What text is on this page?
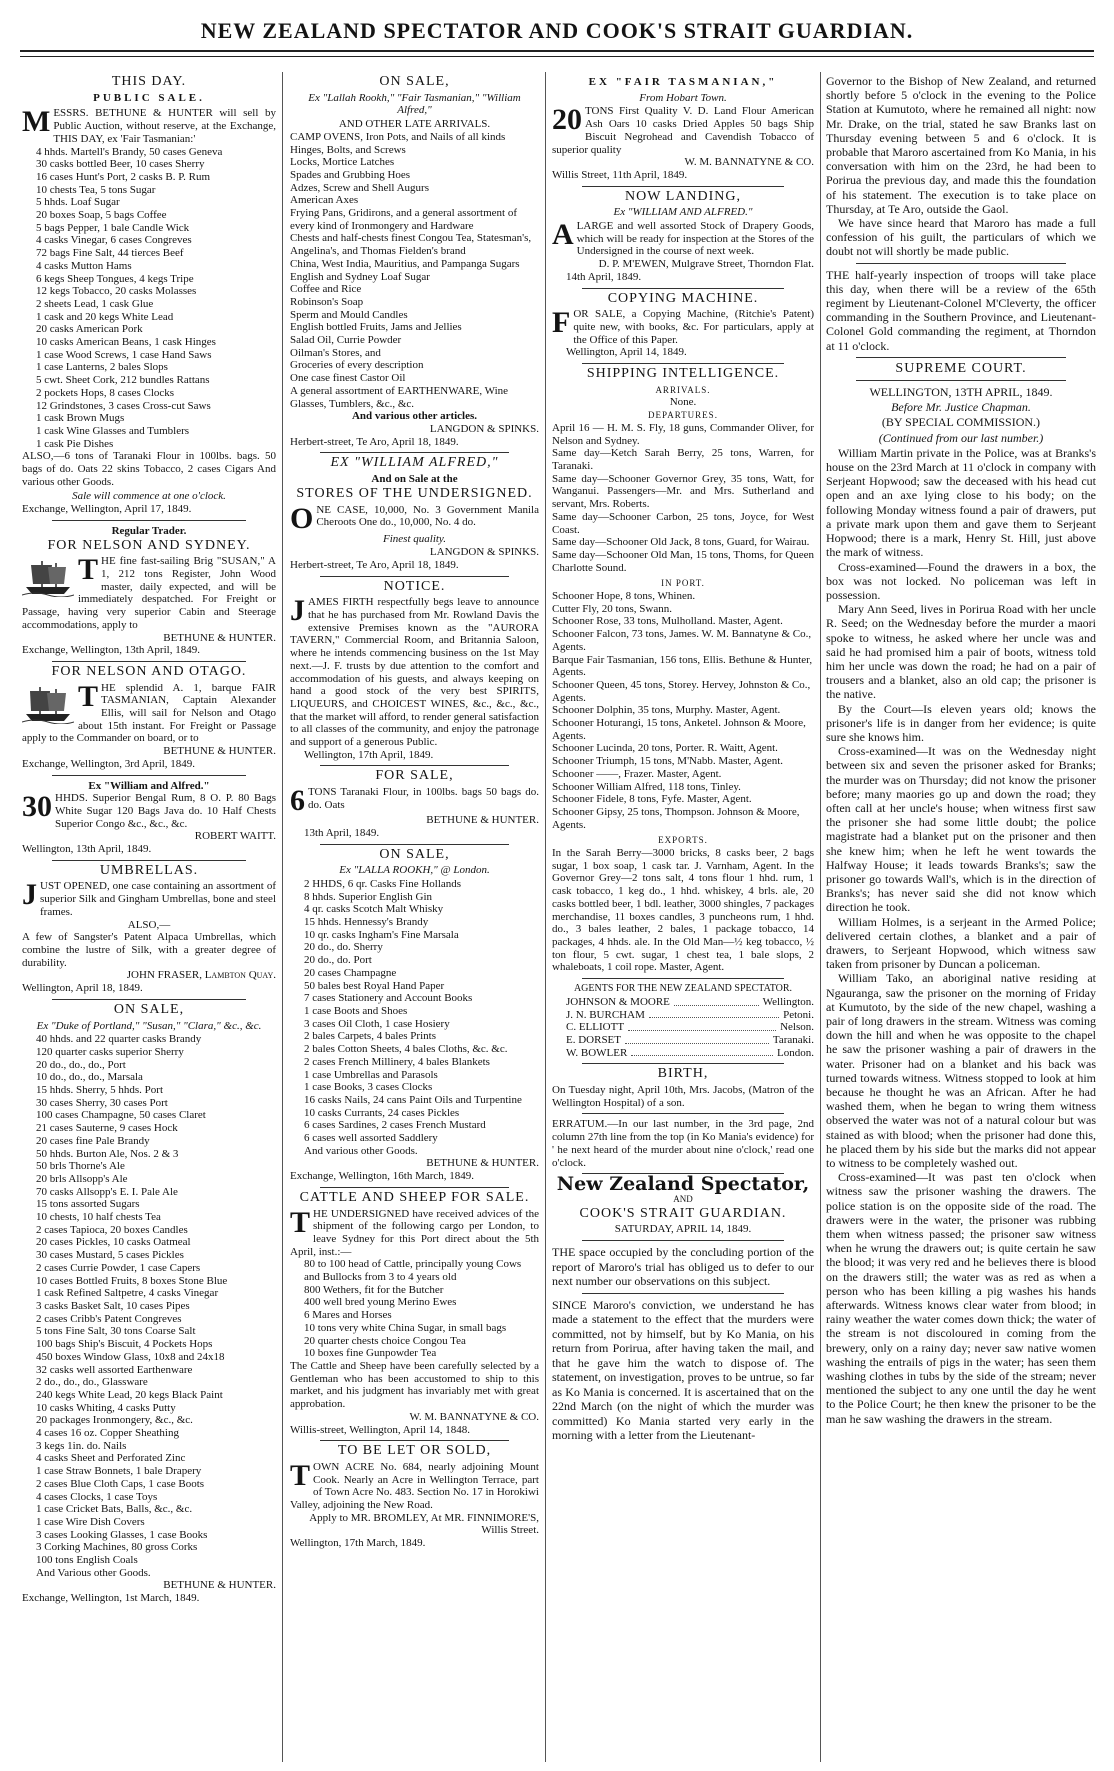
NEW ZEALAND SPECTATOR AND COOK'S STRAIT GUARDIAN.
THIS DAY.
PUBLIC SALE.

MESSRS. BETHUNE & HUNTER will sell by Public Auction, without reserve, at the Exchange, THIS DAY, ex 'Fair Tasmanian:'

4 hhds. Martell's Brandy, 50 cases Geneva
30 casks bottled Beer, 10 cases Sherry
16 cases Hunt's Port, 2 casks B. P. Rum
10 chests Tea, 5 tons Sugar
5 hhds. Loaf Sugar
20 boxes Soap, 5 bags Coffee
5 bags Pepper, 1 bale Candle Wick
4 casks Vinegar, 6 cases Congreves
72 bags Fine Salt, 44 tierces Beef
4 casks Mutton Hams
6 kegs Sheep Tongues, 4 kegs Tripe
12 kegs Tobacco, 20 casks Molasses
2 sheets Lead, 1 cask Glue
1 cask and 20 kegs White Lead
20 casks American Pork
10 casks American Beans, 1 cask Hinges
1 case Wood Screws, 1 case Hand Saws
1 case Lanterns, 2 bales Slops
5 cwt. Sheet Cork, 212 bundles Rattans
2 pockets Hops, 8 cases Clocks
12 Grindstones, 3 cases Cross-cut Saws
1 cask Brown Mugs
1 cask Wine Glasses and Tumblers
1 cask Pie Dishes

ALSO,—6 tons of Taranaki Flour in 100lbs. bags. 50 bags of do. Oats 22 skins Tobacco, 2 cases Cigars And various other Goods.

Sale will commence at one o'clock.
Exchange, Wellington, April 17, 1849.
Regular Trader.
FOR NELSON AND SYDNEY.

THE fine fast-sailing Brig "SUSAN," A 1, 212 tons Register, John Wood master, daily expected, and will be immediately despatched. For Freight or Passage, having very superior Cabin and Steerage accommodations, apply to

BETHUNE & HUNTER.
Exchange, Wellington, 13th April, 1849.
FOR NELSON AND OTAGO.

THE splendid A. 1, barque FAIR TASMANIAN, Captain Alexander Ellis, will sail for Nelson and Otago about 15th instant. For Freight or Passage apply to the Commander on board, or to

BETHUNE & HUNTER.
Exchange, Wellington, 3rd April, 1849.
Ex "William and Alfred."

30 HHDS. Superior Bengal Rum, 8 O. P. 80 Bags White Sugar 120 Bags Java do. 10 Half Chests Superior Congo &c., &c., &c.

ROBERT WAITT.
Wellington, 13th April, 1849.
UMBRELLAS.

JUST OPENED, one case containing an assortment of superior Silk and Gingham Umbrellas, bone and steel frames.

ALSO,—

A few of Sangster's Patent Alpaca Umbrellas, which combine the lustre of Silk, with a greater degree of durability.

JOHN FRASER, Lambton Quay.
Wellington, April 18, 1849.
ON SALE,
Ex "Duke of Portland," "Susan," "Clara," &c., &c.
40 hhds. and 22 quarter casks Brandy
120 quarter casks superior Sherry
20 do., do., do., Port
10 do., do., do., Marsala
15 hhds. Sherry, 5 hhds. Port
30 cases Sherry, 30 cases Port
100 cases Champagne, 50 cases Claret
21 cases Sauterne, 9 cases Hock
20 cases fine Pale Brandy
50 hhds. Burton Ale, Nos. 2 & 3
50 brls Thorne's Ale
20 brls Allsopp's Ale
70 casks Allsopp's E. I. Pale Ale
15 tons assorted Sugars
10 chests, 10 half chests Tea
2 cases Tapioca, 20 boxes Candles
20 cases Pickles, 10 casks Oatmeal
30 cases Mustard, 5 cases Pickles
2 cases Currie Powder, 1 case Capers
10 cases Bottled Fruits, 8 boxes Stone Blue
1 cask Refined Saltpetre, 4 casks Vinegar
3 casks Basket Salt, 10 cases Pipes
2 cases Cribb's Patent Congreves
5 tons Fine Salt, 30 tons Coarse Salt
100 bags Ship's Biscuit, 4 Pockets Hops
450 boxes Window Glass, 10x8 and 24x18
32 casks well assorted Earthenware
2 do., do., do., Glassware
240 kegs White Lead, 20 kegs Black Paint
10 casks Whiting, 4 casks Putty
20 packages Ironmongery, &c., &c.
4 cases 16 oz. Copper Sheathing
3 kegs 1in. do. Nails
4 casks Sheet and Perforated Zinc
1 case Straw Bonnets, 1 bale Drapery
2 cases Blue Cloth Caps, 1 case Boots
4 cases Clocks, 1 case Toys
1 case Cricket Bats, Balls, &c., &c.
1 case Wire Dish Covers
3 cases Looking Glasses, 1 case Books
3 Corking Machines, 80 gross Corks
100 tons English Coals
And Various other Goods.
BETHUNE & HUNTER.
Exchange, Wellington, 1st March, 1849.
ON SALE,
Ex "Lallah Rookh," "Fair Tasmanian," "William Alfred,"
AND OTHER LATE ARRIVALS.
CAMP OVENS, Iron Pots, and Nails of all kinds
Hinges, Bolts, and Screws
Locks, Mortice Latches
Spades and Grubbing Hoes
Adzes, Screw and Shell Augurs
American Axes
Frying Pans, Gridirons, and a general assortment of every kind of Ironmongery and Hardware
Chests and half-chests finest Congou Tea, Statesman's, Angelina's, and Thomas Fielden's brand
China, West India, Mauritius, and Pampanga Sugars
English and Sydney Loaf Sugar
Coffee and Rice
Robinson's Soap
Sperm and Mould Candles
English bottled Fruits, Jams and Jellies
Salad Oil, Currie Powder
Oilman's Stores, and
Groceries of every description
One case finest Castor Oil
A general assortment of EARTHENWARE, Wine Glasses, Tumblers, &c., &c.
And various other articles.
LANGDON & SPINKS.
Herbert-street, Te Aro, April 18, 1849.
EX "WILLIAM ALFRED,"
And on Sale at the
STORES OF THE UNDERSIGNED.

ONE CASE, 10,000, No. 3 Government Manila Cheroots One do., 10,000, No. 4 do.

Finest quality.
LANGDON & SPINKS.
Herbert-street, Te Aro, April 18, 1849.
NOTICE.

JAMES FIRTH respectfully begs leave to announce that he has purchased from Mr. Rowland Davis the extensive Premises known as the "AURORA TAVERN," Commercial Room, and Britannia Saloon, where he intends commencing business on the 1st May next.—J. F. trusts by due attention to the comfort and accommodation of his guests, and always keeping on hand a good stock of the very best SPIRITS, LIQUEURS, and CHOICEST WINES, &c., &c., &c., that the market will afford, to render general satisfaction to all classes of the community, and enjoy the patronage and support of a generous Public.

Wellington, 17th April, 1849.
FOR SALE,

6 TONS Taranaki Flour, in 100lbs. bags 50 bags do. do. Oats

BETHUNE & HUNTER.
13th April, 1849.
ON SALE,
Ex "LALLA ROOKH," @ London.
2 HHDS, 6 qr. Casks Fine Hollands
8 hhds. Superior English Gin
4 qr. casks Scotch Malt Whisky
15 hhds. Hennessy's Brandy
10 qr. casks Ingham's Fine Marsala
20 do., do. Sherry
20 do., do. Port
20 cases Champagne
50 bales best Royal Hand Paper
7 cases Stationery and Account Books
1 case Boots and Shoes
3 cases Oil Cloth, 1 case Hosiery
2 bales Carpets, 4 bales Prints
2 bales Cotton Sheets, 4 bales Cloths, &c. &c.
2 cases French Millinery, 4 bales Blankets
1 case Umbrellas and Parasols
1 case Books, 3 cases Clocks
16 casks Nails, 24 cans Paint Oils and Turpentine
10 casks Currants, 24 cases Pickles
6 cases Sardines, 2 cases French Mustard
6 cases well assorted Saddlery
And various other Goods.
BETHUNE & HUNTER.
Exchange, Wellington, 16th March, 1849.
CATTLE AND SHEEP FOR SALE.

THE UNDERSIGNED have received advices of the shipment of the following cargo per London, to leave Sydney for this Port direct about the 5th April, inst.:—

80 to 100 head of Cattle, principally young Cows and Bullocks from 3 to 4 years old
800 Wethers, fit for the Butcher
400 well bred young Merino Ewes
6 Mares and Horses
10 tons very white China Sugar, in small bags
20 quarter chests choice Congou Tea
10 boxes fine Gunpowder Tea

The Cattle and Sheep have been carefully selected by a Gentleman who has been accustomed to ship to this market, and his judgment has invariably met with great approbation.

W. M. BANNATYNE & CO.
Willis-street, Wellington, April 14, 1848.
TO BE LET OR SOLD,

TOWN ACRE No. 684, nearly adjoining Mount Cook. Nearly an Acre in Wellington Terrace, part of Town Acre No. 483. Section No. 17 in Horokiwi Valley, adjoining the New Road.

Apply to MR. BROMLEY, At MR. FINNIMORE'S, Willis Street.
Wellington, 17th March, 1849.
EX "FAIR TASMANIAN,"
From Hobart Town.

20 TONS First Quality V. D. Land Flour American Ash Oars 10 casks Dried Apples 50 bags Ship Biscuit Negrohead and Cavendish Tobacco of superior quality

W. M. BANNATYNE & CO.
Willis Street, 11th April, 1849.
NOW LANDING,
Ex "WILLIAM AND ALFRED."

ALARGE and well assorted Stock of Drapery Goods, which will be ready for inspection at the Stores of the Undersigned in the course of next week.

D. P. M'EWEN, Mulgrave Street, Thorndon Flat.
14th April, 1849.
COPYING MACHINE.

FOR SALE, a Copying Machine, (Ritchie's Patent) quite new, with books, &c. For particulars, apply at the Office of this Paper.

Wellington, April 14, 1849.
SHIPPING INTELLIGENCE.
ARRIVALS.
None.
DEPARTURES.
April 16 — H. M. S. Fly, 18 guns, Commander Oliver, for Nelson and Sydney.
Same day—Ketch Sarah Berry, 25 tons, Warren, for Taranaki.
Same day—Schooner Governor Grey, 35 tons, Watt, for Wanganui. Passengers—Mr. and Mrs. Sutherland and servant, Mrs. Roberts.
Same day—Schooner Carbon, 25 tons, Joyce, for West Coast.
Same day—Schooner Old Jack, 8 tons, Guard, for Wairau.
Same day—Schooner Old Man, 15 tons, Thoms, for Queen Charlotte Sound.
IN PORT.
Schooner Hope, 8 tons, Whinen.
Cutter Fly, 20 tons, Swann.
Schooner Rose, 33 tons, Mulholland. Master, Agent.
Schooner Falcon, 73 tons, James. W. M. Bannatyne & Co., Agents.
Barque Fair Tasmanian, 156 tons, Ellis. Bethune & Hunter, Agents.
Schooner Queen, 45 tons, Storey. Hervey, Johnston & Co., Agents.
Schooner Dolphin, 35 tons, Murphy. Master, Agent.
Schooner Hoturangi, 15 tons, Anketel. Johnson & Moore, Agents.
Schooner Lucinda, 20 tons, Porter. R. Waitt, Agent.
Schooner Triumph, 15 tons, M'Nabb. Master, Agent.
Schooner ——, Frazer. Master, Agent.
Schooner William Alfred, 118 tons, Tinley.
Schooner Fidele, 8 tons, Fyfe. Master, Agent.
Schooner Gipsy, 25 tons, Thompson. Johnson & Moore, Agents.
EXPORTS.

In the Sarah Berry—3000 bricks, 8 casks beer, 2 bags sugar, 1 box soap, 1 cask tar. J. Varnham, Agent. In the Governor Grey—2 tons salt, 4 tons flour 1 hhd. rum, 1 cask tobacco, 1 keg do., 1 hhd. whiskey, 4 brls. ale, 20 casks bottled beer, 1 bdl. leather, 3000 shingles, 7 packages merchandise, 11 boxes candles, 3 puncheons rum, 1 hhd. do., 3 bales leather, 2 bales, 1 package tobacco, 14 packages, 4 hhds. ale. In the Old Man—½ keg tobacco, ½ ton flour, 5 cwt. sugar, 1 chest tea, 1 bale slops, 2 whaleboats, 1 coil rope. Master, Agent.

AGENTS FOR THE NEW ZEALAND SPECTATOR.
JOHNSON & MOORE	Wellington.
J. N. BURCHAM	Petoni.
C. ELLIOTT	Nelson.
E. DORSET	Taranaki.
W. BOWLER	London.
BIRTH,

On Tuesday night, April 10th, Mrs. Jacobs, (Matron of the Wellington Hospital) of a son.

ERRATUM.—In our last number, in the 3rd page, 2nd column 27th line from the top (in Ko Mania's evidence) for ' he next heard of the murder about nine o'clock,' read one o'clock.

New Zealand Spectator,
AND
COOK'S STRAIT GUARDIAN.
SATURDAY, APRIL 14, 1849.

THE space occupied by the concluding portion of the report of Maroro's trial has obliged us to defer to our next number our observations on this subject.

SINCE Maroro's conviction, we understand he has made a statement to the effect that the murders were committed, not by himself, but by Ko Mania, on his return from Porirua, after having taken the mail, and that he gave him the watch to dispose of. The statement, on investigation, proves to be untrue, so far as Ko Mania is concerned. It is ascertained that on the 22nd March (on the night of which the murder was committed) Ko Mania started very early in the morning with a letter from the Lieutenant-

Governor to the Bishop of New Zealand, and returned shortly before 5 o'clock in the evening to the Police Station at Kumutoto, where he remained all night: now Mr. Drake, on the trial, stated he saw Branks last on Thursday evening between 5 and 6 o'clock. It is probable that Maroro ascertained from Ko Mania, in his conversation with him on the 23rd, he had been to Porirua the previous day, and made this the foundation of his statement. The execution is to take place on Thursday, at Te Aro, outside the Gaol.

We have since heard that Maroro has made a full confession of his guilt, the particulars of which we doubt not will shortly be made public.

THE half-yearly inspection of troops will take place this day, when there will be a review of the 65th regiment by Lieutenant-Colonel M'Cleverty, the officer commanding in the Southern Province, and Lieutenant-Colonel Gold commanding the regiment, at Thorndon at 11 o'clock.

SUPREME COURT.
WELLINGTON, 13TH APRIL, 1849.
Before Mr. Justice Chapman.
(BY SPECIAL COMMISSION.)
(Continued from our last number.)
William Martin private in the Police, was at Branks's house on the 23rd March at 11 o'clock in company with Serjeant Hopwood; saw the deceased with his head cut open and an axe lying close to his body; on the following Monday witness found a pair of drawers, put a private mark upon them and gave them to Serjeant Hopwood; there is a mark, Henry St. Hill, just above the mark of witness.
Cross-examined—Found the drawers in a box, the box was not locked. No policeman was left in possession.
Mary Ann Seed, lives in Porirua Road with her uncle R. Seed; on the Wednesday before the murder a maori spoke to witness, he asked where her uncle was and said he had promised him a pair of boots, witness told him her uncle was down the road; he had on a pair of trousers and a blanket, also an old cap; the prisoner is the native.
By the Court—Is eleven years old; knows the prisoner's life is in danger from her evidence; is quite sure she knows him.
Cross-examined—It was on the Wednesday night between six and seven the prisoner asked for Branks; the murder was on Thursday; did not know the prisoner before; many maories go up and down the road; they often call at her uncle's house; when witness first saw the prisoner she had some little doubt; the police magistrate had a blanket put on the prisoner and then she knew him; when he left he went towards the Halfway House; it leads towards Branks's; saw the prisoner go towards Wall's, which is in the direction of Branks's; has never said she did not know which direction he took.
William Holmes, is a serjeant in the Armed Police; delivered certain clothes, a blanket and a pair of drawers, to Serjeant Hopwood, which witness saw taken from prisoner by Duncan a policeman.
William Tako, an aboriginal native residing at Ngauranga, saw the prisoner on the morning of Friday at Kumutoto, by the side of the new chapel, washing a pair of long drawers in the stream. Witness was coming down the hill and when he was opposite to the chapel he saw the prisoner washing a pair of drawers in the water. Prisoner had on a blanket and his back was turned towards witness. Witness stopped to look at him because he thought he was an African. After he had washed them, when he began to wring them witness observed the water was not of a natural colour but was stained as with blood; when the prisoner had done this, he placed them by his side but the marks did not appear to witness to be completely washed out.
Cross-examined—It was past ten o'clock when witness saw the prisoner washing the drawers. The police station is on the opposite side of the road. The drawers were in the water, the prisoner was rubbing them when witness passed; the prisoner saw witness when he wrung the drawers out; is quite certain he saw the blood; it was very red and he believes there is blood on the drawers still; the water was as red as when a person who has been killing a pig washes his hands afterwards. Witness knows clear water from blood; in rainy weather the water comes down thick; the water of the stream is not discoloured in coming from the brewery, only on a rainy day; never saw native women washing the entrails of pigs in the water; has seen them washing clothes in tubs by the side of the stream; never mentioned the subject to any one until the day he went to the Police Court; he then knew the prisoner to be the man he saw washing the drawers in the stream.
